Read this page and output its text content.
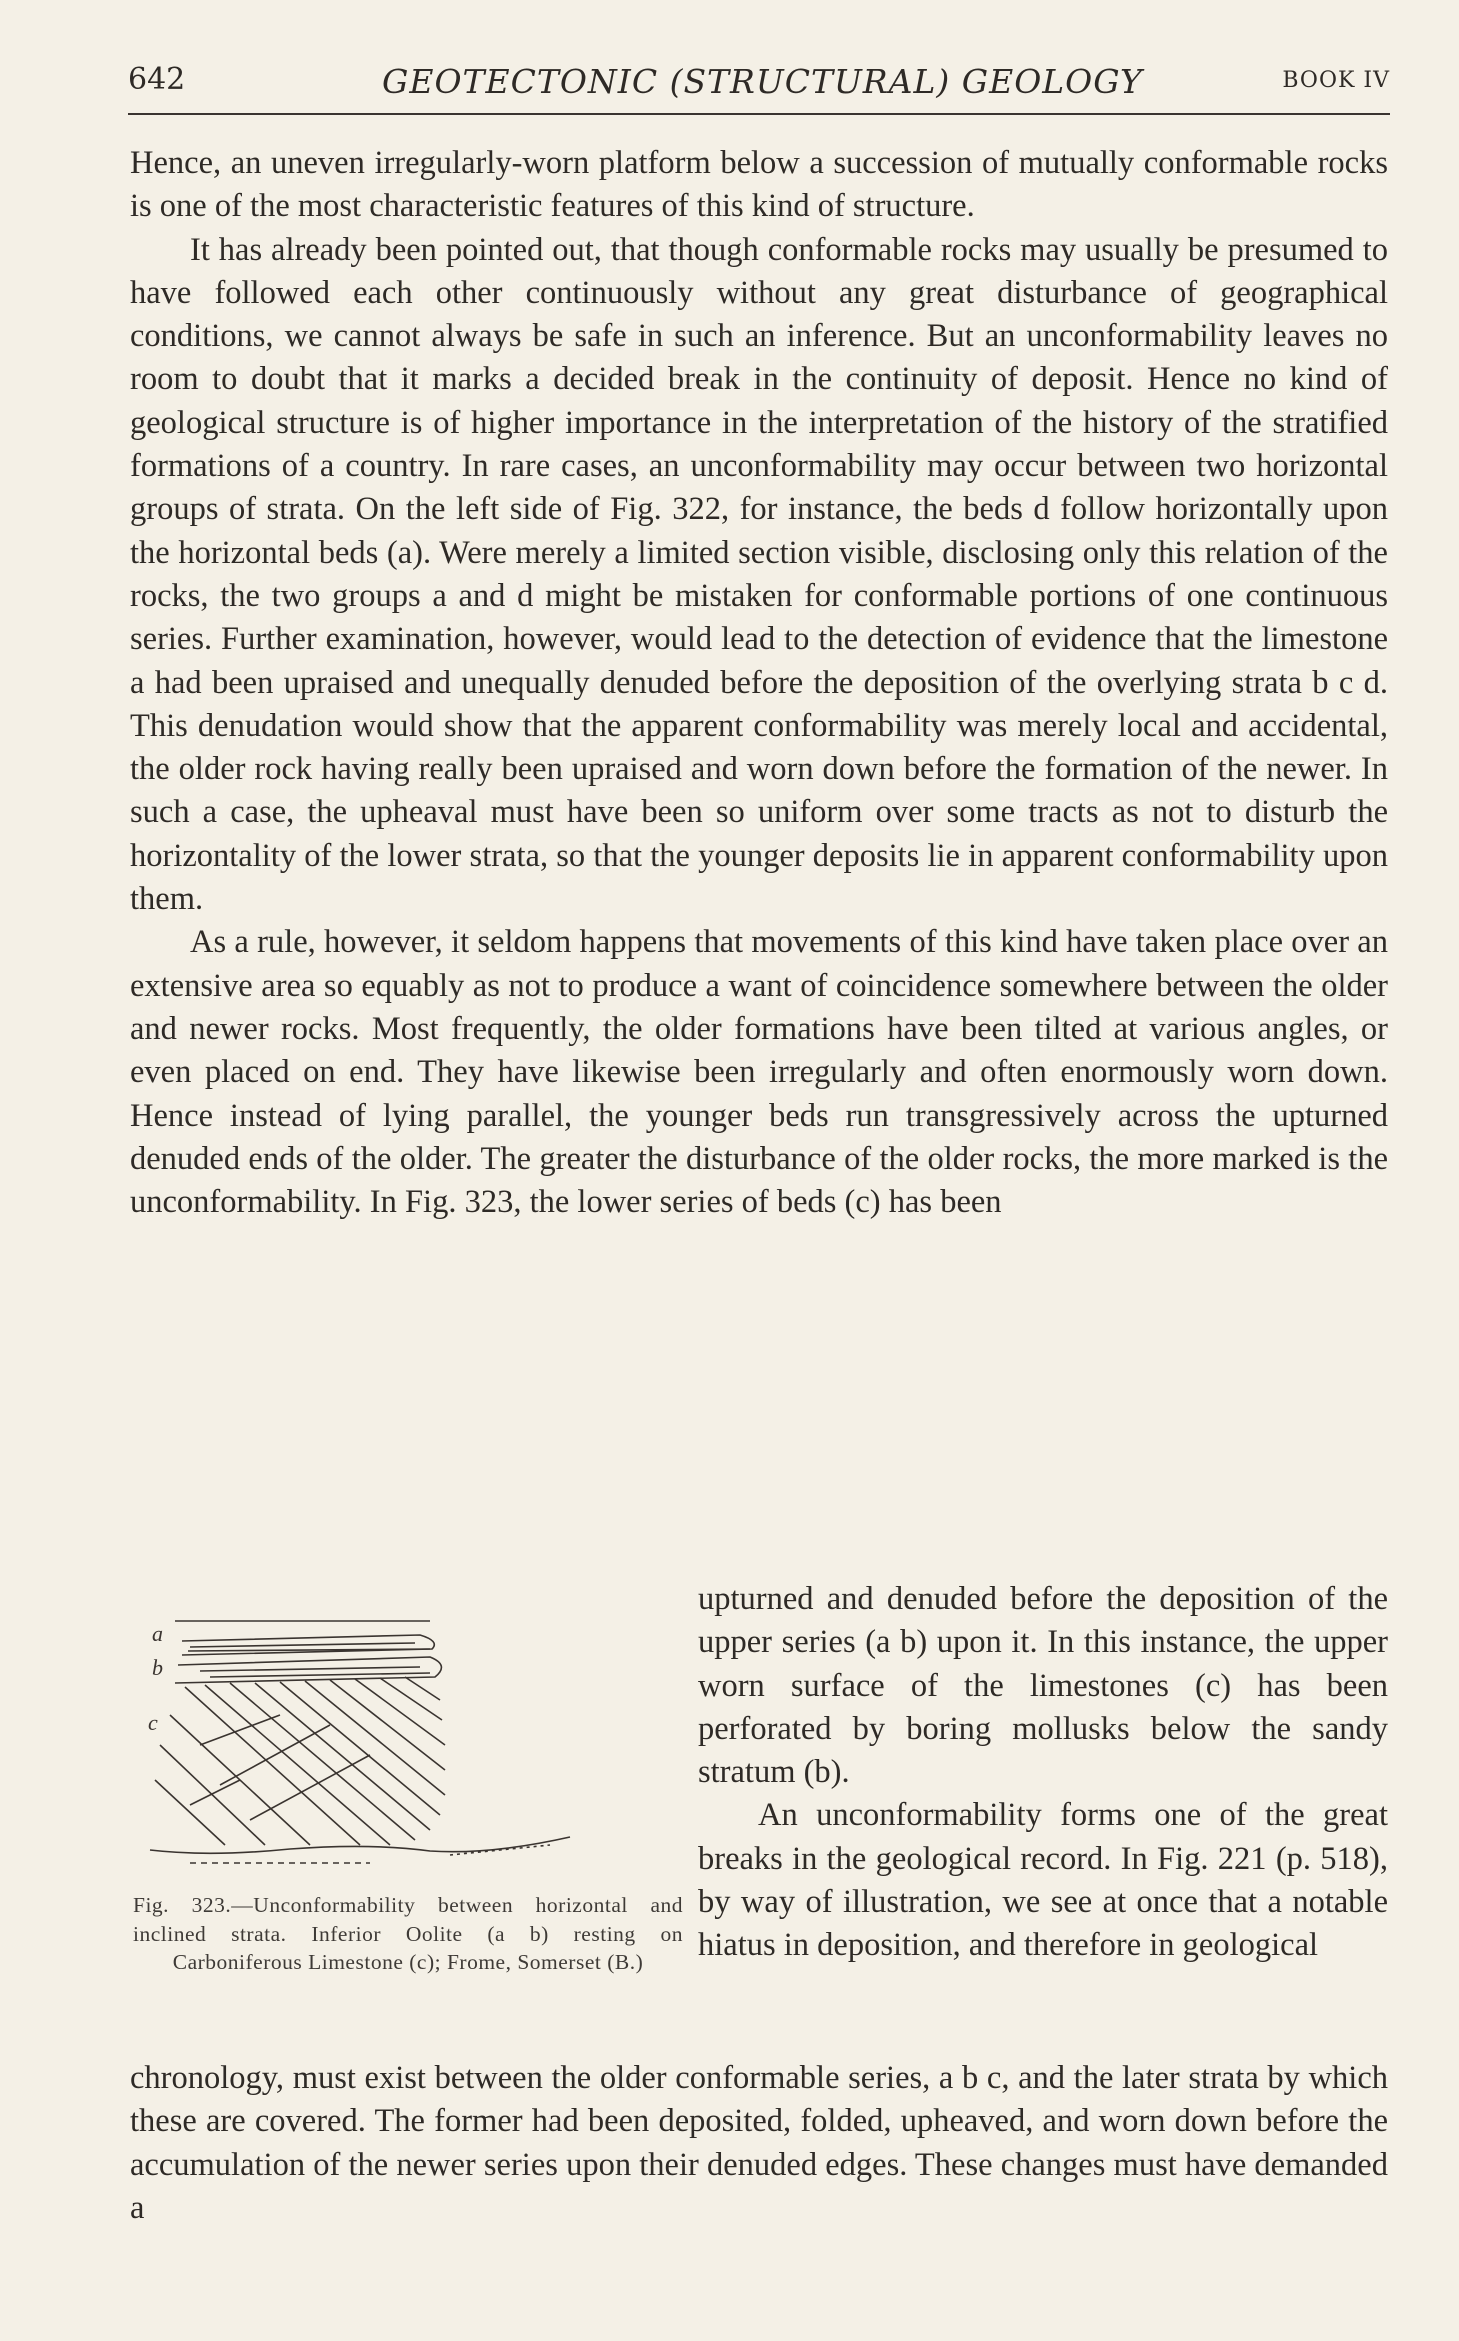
642	GEOTECTONIC (STRUCTURAL) GEOLOGY	BOOK IV

Hence, an uneven irregularly-worn platform below a succession of mutually conformable rocks is one of the most characteristic features of this kind of structure.

It has already been pointed out, that though conformable rocks may usually be presumed to have followed each other continuously without any great disturbance of geographical conditions, we cannot always be safe in such an inference. But an unconformability leaves no room to doubt that it marks a decided break in the continuity of deposit. Hence no kind of geological structure is of higher importance in the interpretation of the history of the stratified formations of a country. In rare cases, an unconformability may occur between two horizontal groups of strata. On the left side of Fig. 322, for instance, the beds d follow horizontally upon the horizontal beds (a). Were merely a limited section visible, disclosing only this relation of the rocks, the two groups a and d might be mistaken for conformable portions of one continuous series. Further examination, however, would lead to the detection of evidence that the limestone a had been upraised and unequally denuded before the deposition of the overlying strata b c d. This denudation would show that the apparent conformability was merely local and accidental, the older rock having really been upraised and worn down before the formation of the newer. In such a case, the upheaval must have been so uniform over some tracts as not to disturb the horizontality of the lower strata, so that the younger deposits lie in apparent conformability upon them.

As a rule, however, it seldom happens that movements of this kind have taken place over an extensive area so equably as not to produce a want of coincidence somewhere between the older and newer rocks. Most frequently, the older formations have been tilted at various angles, or even placed on end. They have likewise been irregularly and often enormously worn down. Hence instead of lying parallel, the younger beds run transgressively across the upturned denuded ends of the older. The greater the disturbance of the older rocks, the more marked is the unconformability. In Fig. 323, the lower series of beds (c) has been

a
b
c
Fig. 323.—Unconformability between horizontal and inclined strata. Inferior Oolite (a b) resting on Carboniferous Limestone (c); Frome, Somerset (B.)

upturned and denuded before the deposition of the upper series (a b) upon it. In this instance, the upper worn surface of the limestones (c) has been perforated by boring mollusks below the sandy stratum (b).

An unconformability forms one of the great breaks in the geological record. In Fig. 221 (p. 518), by way of illustration, we see at once that a notable hiatus in deposition, and therefore in geological

chronology, must exist between the older conformable series, a b c, and the later strata by which these are covered. The former had been deposited, folded, upheaved, and worn down before the accumulation of the newer series upon their denuded edges. These changes must have demanded a
